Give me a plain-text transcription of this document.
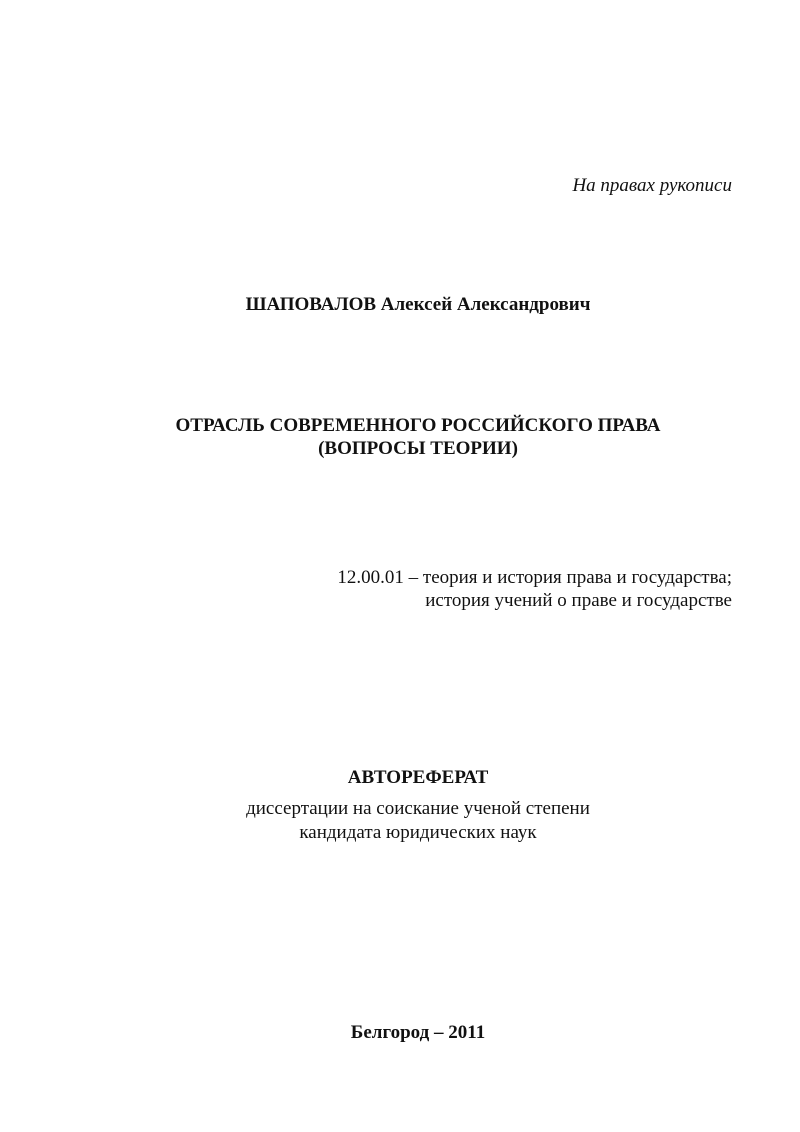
На правах рукописи
ШАПОВАЛОВ Алексей Александрович
ОТРАСЛЬ СОВРЕМЕННОГО РОССИЙСКОГО ПРАВА
(ВОПРОСЫ ТЕОРИИ)
12.00.01 – теория и история права и государства;
история учений о праве и государстве
АВТОРЕФЕРАТ
диссертации на соискание ученой степени
кандидата юридических наук
Белгород – 2011
